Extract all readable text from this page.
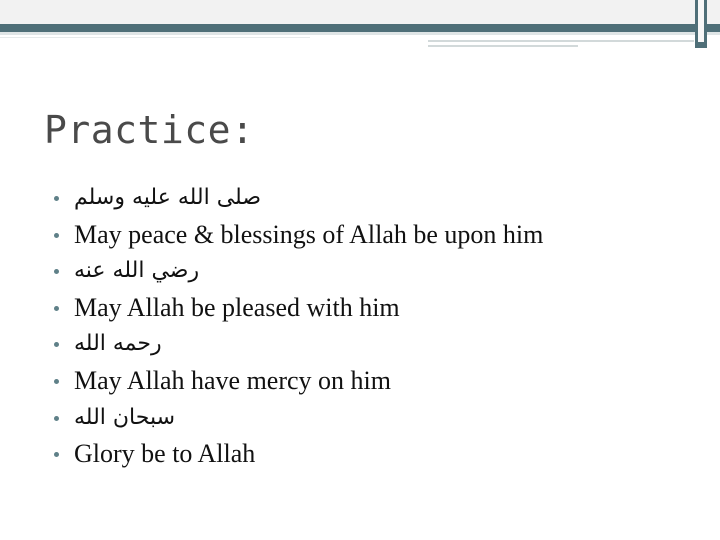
Practice:
صلى الله عليه وسلم
May peace & blessings of Allah be upon him
رضي الله عنه
May Allah be pleased with him
رحمه الله
May Allah have mercy on him
سبحان الله
Glory be to Allah
